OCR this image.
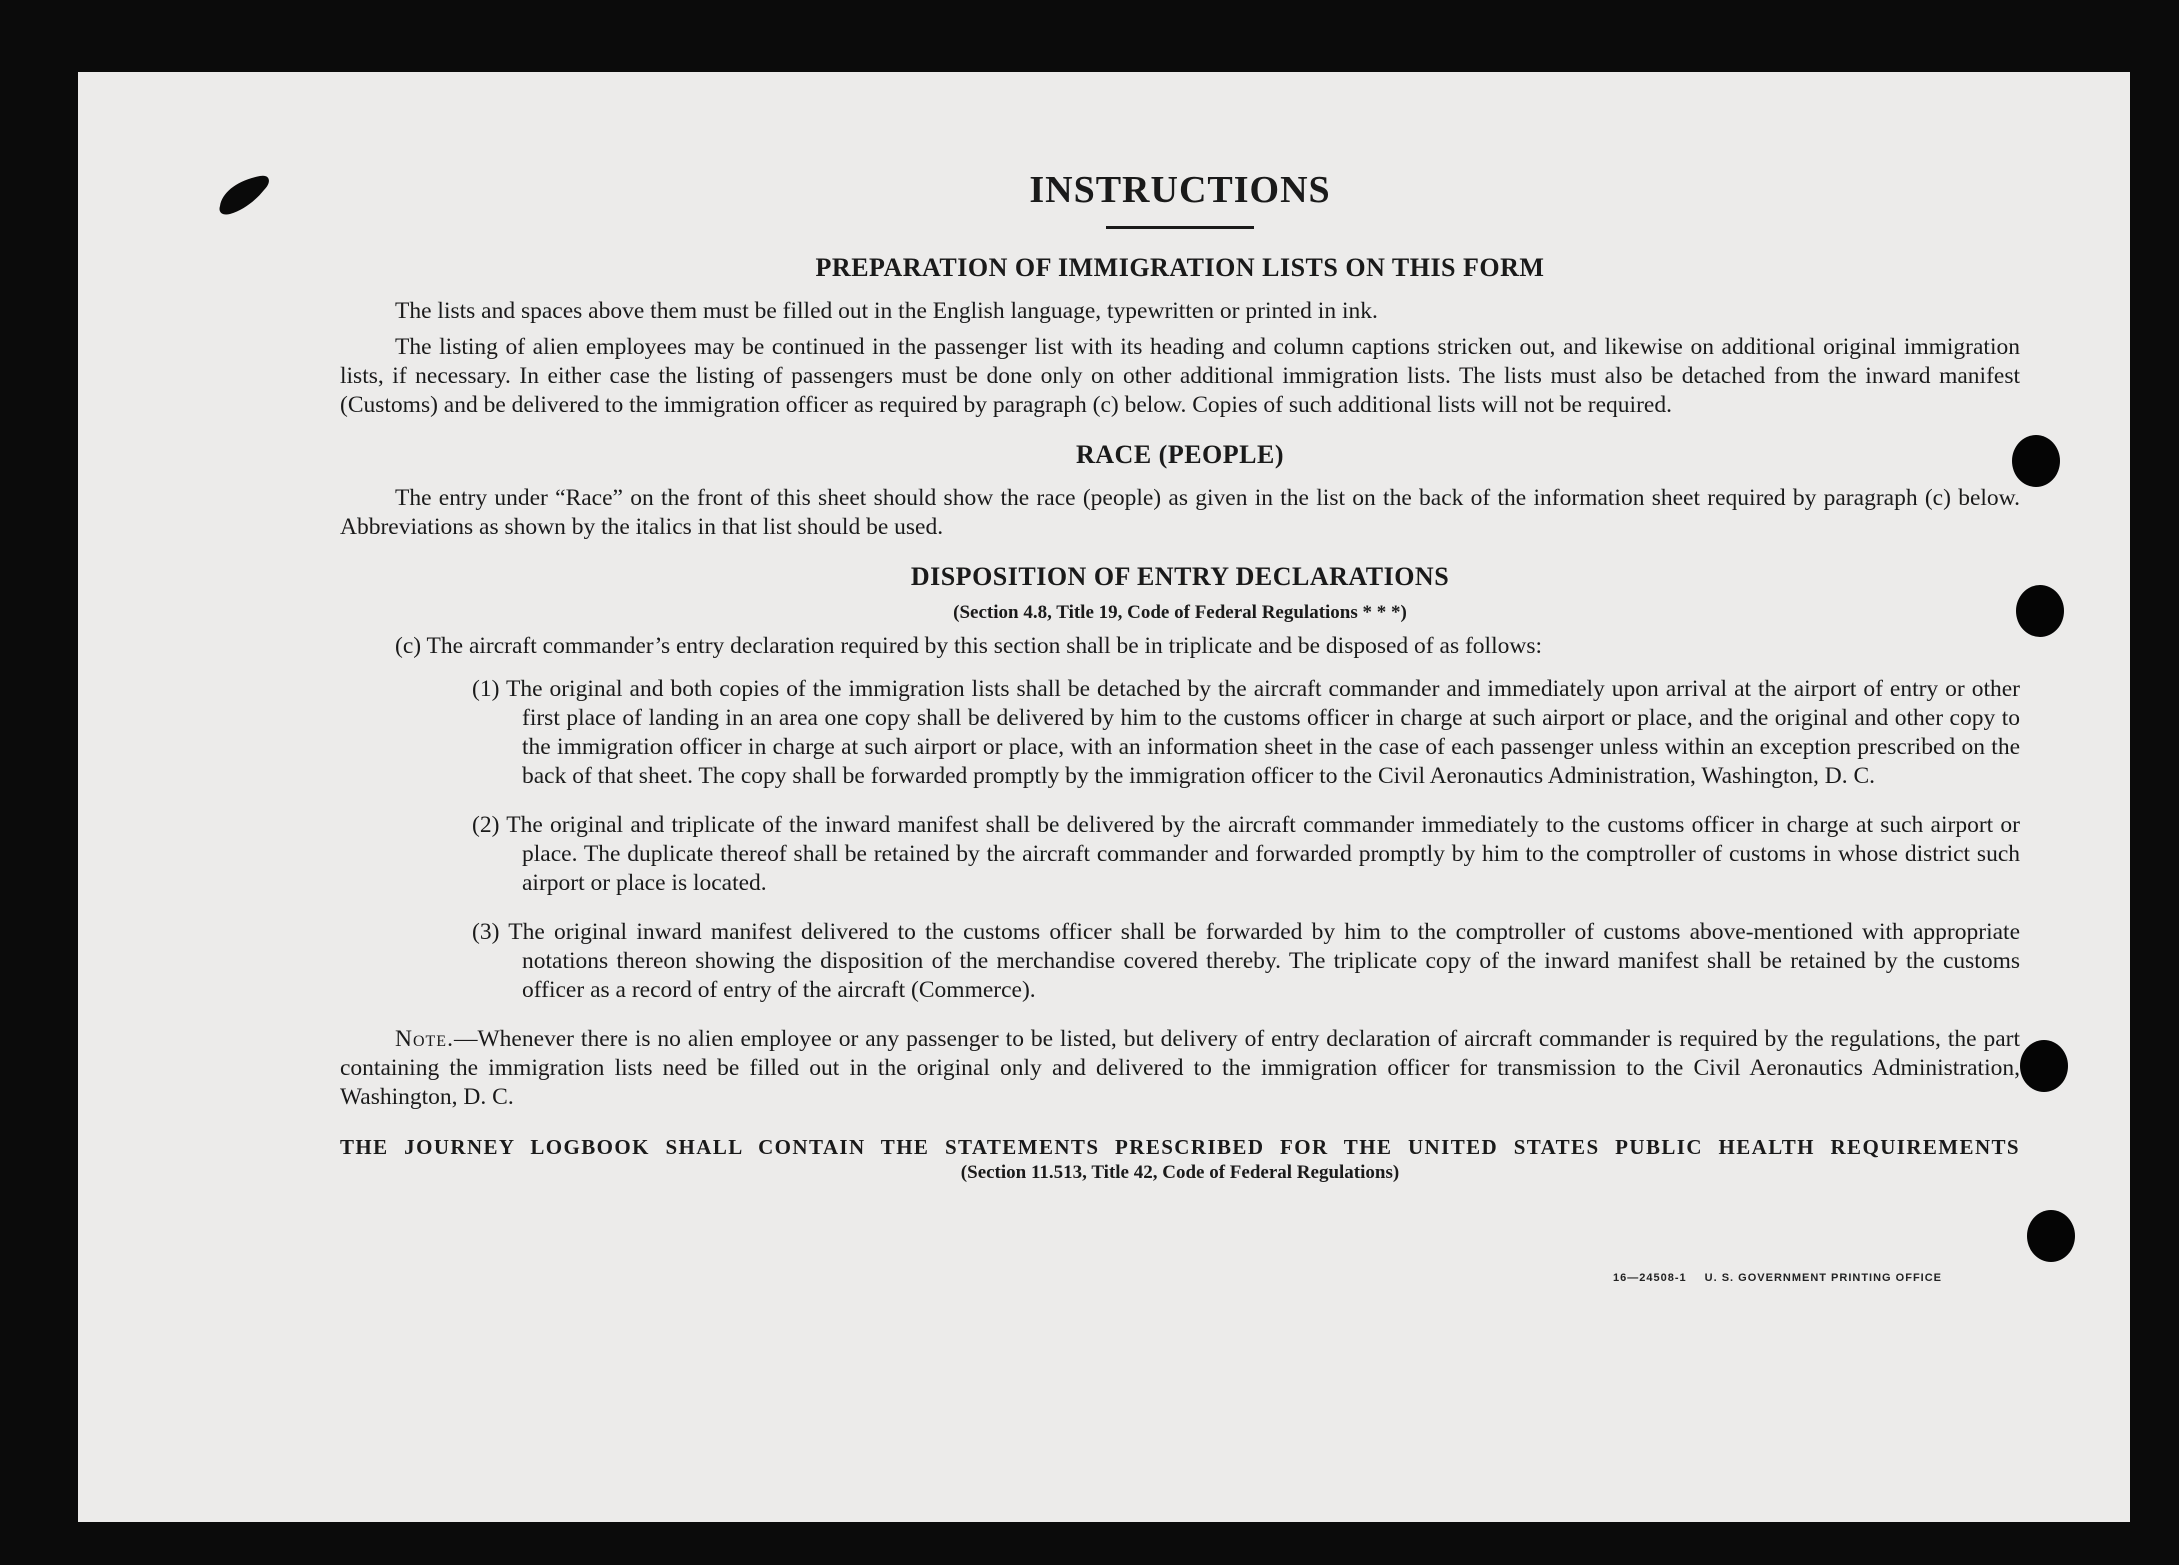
INSTRUCTIONS
PREPARATION OF IMMIGRATION LISTS ON THIS FORM

The lists and spaces above them must be filled out in the English language, typewritten or printed in ink.

The listing of alien employees may be continued in the passenger list with its heading and column captions stricken out, and likewise on additional original immigration lists, if necessary. In either case the listing of passengers must be done only on other additional immigration lists. The lists must also be detached from the inward manifest (Customs) and be delivered to the immigration officer as required by paragraph (c) below. Copies of such additional lists will not be required.

RACE (PEOPLE)

The entry under “Race” on the front of this sheet should show the race (people) as given in the list on the back of the information sheet required by paragraph (c) below. Abbreviations as shown by the italics in that list should be used.

DISPOSITION OF ENTRY DECLARATIONS
(Section 4.8, Title 19, Code of Federal Regulations * * *)

(c) The aircraft commander’s entry declaration required by this section shall be in triplicate and be disposed of as follows:

(1) The original and both copies of the immigration lists shall be detached by the aircraft commander and immediately upon arrival at the airport of entry or other first place of landing in an area one copy shall be delivered by him to the customs officer in charge at such airport or place, and the original and other copy to the immigration officer in charge at such airport or place, with an information sheet in the case of each passenger unless within an exception prescribed on the back of that sheet. The copy shall be forwarded promptly by the immigration officer to the Civil Aeronautics Administration, Washington, D. C.

(2) The original and triplicate of the inward manifest shall be delivered by the aircraft commander immediately to the customs officer in charge at such airport or place. The duplicate thereof shall be retained by the aircraft commander and forwarded promptly by him to the comptroller of customs in whose district such airport or place is located.

(3) The original inward manifest delivered to the customs officer shall be forwarded by him to the comptroller of customs above-mentioned with appropriate notations thereon showing the disposition of the merchandise covered thereby. The triplicate copy of the inward manifest shall be retained by the customs officer as a record of entry of the aircraft (Commerce).

Note.—Whenever there is no alien employee or any passenger to be listed, but delivery of entry declaration of aircraft commander is required by the regulations, the part containing the immigration lists need be filled out in the original only and delivered to the immigration officer for transmission to the Civil Aeronautics Administration, Washington, D. C.

THE JOURNEY LOGBOOK SHALL CONTAIN THE STATEMENTS PRESCRIBED FOR THE UNITED STATES PUBLIC HEALTH REQUIREMENTS
(Section 11.513, Title 42, Code of Federal Regulations)
16—24508-1 U. S. GOVERNMENT PRINTING OFFICE
